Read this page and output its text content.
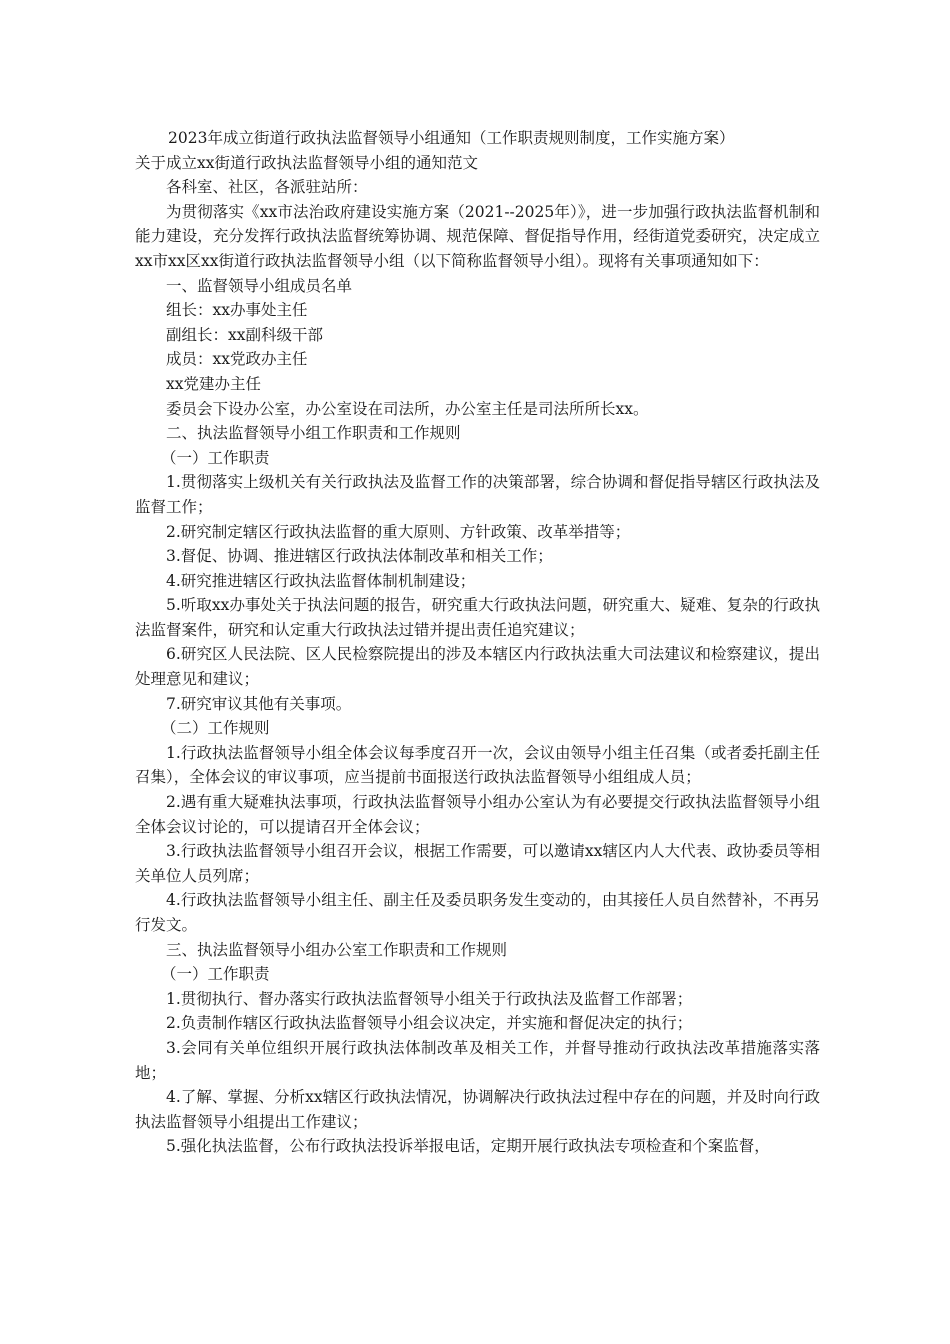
2023年成立街道行政执法监督领导小组通知（工作职责规则制度，工作实施方案）

关于成立xx街道行政执法监督领导小组的通知范文

各科室、社区，各派驻站所：

为贯彻落实《xx市法治政府建设实施方案（2021--2025年）》，进一步加强行政执法监督机制和能力建设，充分发挥行政执法监督统筹协调、规范保障、督促指导作用，经街道党委研究，决定成立xx市xx区xx街道行政执法监督领导小组（以下简称监督领导小组）。现将有关事项通知如下：

一、监督领导小组成员名单

组长：xx办事处主任

副组长：xx副科级干部

成员：xx党政办主任

xx党建办主任

委员会下设办公室，办公室设在司法所，办公室主任是司法所所长xx。

二、执法监督领导小组工作职责和工作规则

（一）工作职责

1.贯彻落实上级机关有关行政执法及监督工作的决策部署，综合协调和督促指导辖区行政执法及监督工作；

2.研究制定辖区行政执法监督的重大原则、方针政策、改革举措等；

3.督促、协调、推进辖区行政执法体制改革和相关工作；

4.研究推进辖区行政执法监督体制机制建设；

5.听取xx办事处关于执法问题的报告，研究重大行政执法问题，研究重大、疑难、复杂的行政执法监督案件，研究和认定重大行政执法过错并提出责任追究建议；

6.研究区人民法院、区人民检察院提出的涉及本辖区内行政执法重大司法建议和检察建议，提出处理意见和建议；

7.研究审议其他有关事项。

（二）工作规则

1.行政执法监督领导小组全体会议每季度召开一次，会议由领导小组主任召集（或者委托副主任召集），全体会议的审议事项，应当提前书面报送行政执法监督领导小组组成人员；

2.遇有重大疑难执法事项，行政执法监督领导小组办公室认为有必要提交行政执法监督领导小组全体会议讨论的，可以提请召开全体会议；

3.行政执法监督领导小组召开会议，根据工作需要，可以邀请xx辖区内人大代表、政协委员等相关单位人员列席；

4.行政执法监督领导小组主任、副主任及委员职务发生变动的，由其接任人员自然替补，不再另行发文。

三、执法监督领导小组办公室工作职责和工作规则

（一）工作职责

1.贯彻执行、督办落实行政执法监督领导小组关于行政执法及监督工作部署；

2.负责制作辖区行政执法监督领导小组会议决定，并实施和督促决定的执行；

3.会同有关单位组织开展行政执法体制改革及相关工作，并督导推动行政执法改革措施落实落地；

4.了解、掌握、分析xx辖区行政执法情况，协调解决行政执法过程中存在的问题，并及时向行政执法监督领导小组提出工作建议；

5.强化执法监督，公布行政执法投诉举报电话，定期开展行政执法专项检查和个案监督，
